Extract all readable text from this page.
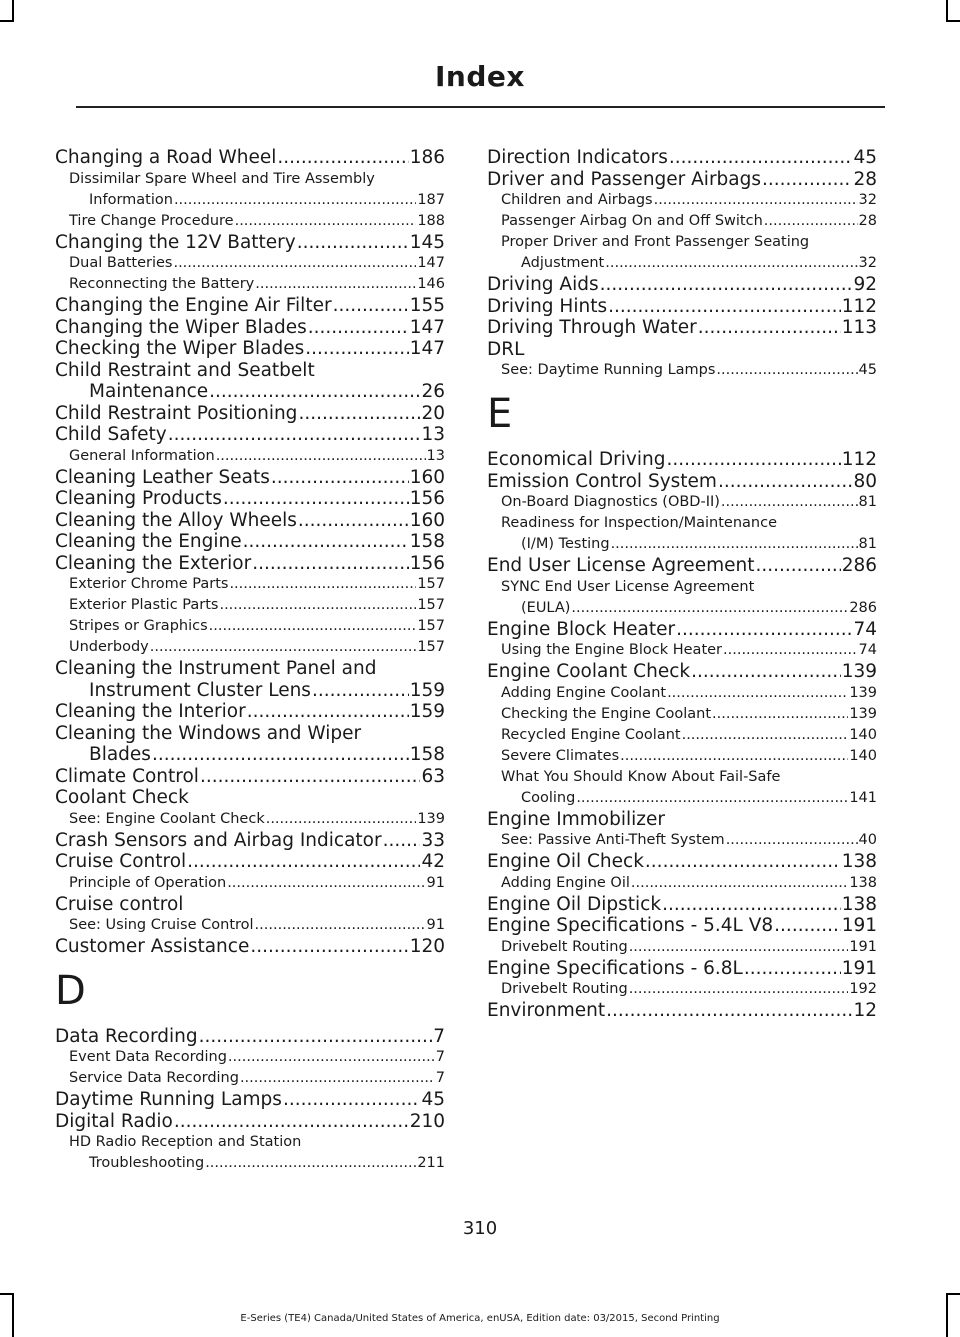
Index
Changing a Road Wheel .....	186
Dissimilar Spare Wheel and Tire Assembly
Information .....	187
Tire Change Procedure .....	188
Changing the 12V Battery .....	145
Dual Batteries .....	147
Reconnecting the Battery .....	146
Changing the Engine Air Filter .....	155
Changing the Wiper Blades .....	147
Checking the Wiper Blades .....	147
Child Restraint and Seatbelt
Maintenance .....	26
Child Restraint Positioning .....	20
Child Safety .....	13
General Information .....	13
Cleaning Leather Seats .....	160
Cleaning Products .....	156
Cleaning the Alloy Wheels .....	160
Cleaning the Engine .....	158
Cleaning the Exterior .....	156
Exterior Chrome Parts .....	157
Exterior Plastic Parts .....	157
Stripes or Graphics .....	157
Underbody .....	157
Cleaning the Instrument Panel and
Instrument Cluster Lens .....	159
Cleaning the Interior .....	159
Cleaning the Windows and Wiper
Blades .....	158
Climate Control .....	63
Coolant Check
See: Engine Coolant Check .....	139
Crash Sensors and Airbag Indicator ..... 33
Cruise Control .....	42
Principle of Operation .....	91
Cruise control
See: Using Cruise Control .....	91
Customer Assistance .....	120
D
Data Recording .....	7
Event Data Recording .....	7
Service Data Recording .....	7
Daytime Running Lamps .....	45
Digital Radio .....	210
HD Radio Reception and Station
Troubleshooting .....	211
Direction Indicators .....	45
Driver and Passenger Airbags .....	28
Children and Airbags .....	32
Passenger Airbag On and Off Switch .....	28
Proper Driver and Front Passenger Seating
Adjustment .....	32
Driving Aids .....	92
Driving Hints .....	112
Driving Through Water .....	113
DRL
See: Daytime Running Lamps .....	45
E
Economical Driving .....	112
Emission Control System .....	80
On-Board Diagnostics (OBD-II) .....	81
Readiness for Inspection/Maintenance
(I/M) Testing .....	81
End User License Agreement .....	286
SYNC End User License Agreement
(EULA) .....	286
Engine Block Heater .....	74
Using the Engine Block Heater .....	74
Engine Coolant Check .....	139
Adding Engine Coolant .....	139
Checking the Engine Coolant .....	139
Recycled Engine Coolant .....	140
Severe Climates .....	140
What You Should Know About Fail-Safe
Cooling .....	141
Engine Immobilizer
See: Passive Anti-Theft System .....	40
Engine Oil Check .....	138
Adding Engine Oil .....	138
Engine Oil Dipstick .....	138
Engine Specifications - 5.4L V8 .....	191
Drivebelt Routing .....	191
Engine Specifications - 6.8L .....	191
Drivebelt Routing .....	192
Environment .....	12
310
E-Series (TE4) Canada/United States of America, enUSA, Edition date: 03/2015, Second Printing
